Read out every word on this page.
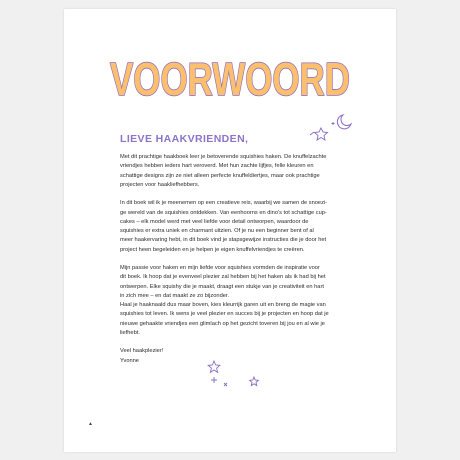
VOORWOORD
LIEVE HAAKVRIENDEN,

Met dit prachtige haakboek leer je betoverende squishies haken. De knuffelzachte
vriendjes hebben ieders hart veroverd. Met hun zachte lijfjes, felle kleuren en
schattige designs zijn ze niet alleen perfecte knuffeldiertjes, maar ook prachtige
projecten voor haakliefhebbers.

In dit boek wil ik je meenemen op een creatieve reis, waarbij we samen de snoezi-
ge wereld van de squishies ontdekken. Van eenhoorns en dino's tot schattige cup-
cakes – elk model werd met veel liefde voor detail ontworpen, waardoor de
squishies er extra uniek en charmant uitzien. Of je nu een beginner bent of al
meer haakervaring hebt, in dit boek vind je stapsgewijze instructies die je door het
project heen begeleiden en je helpen je eigen knuffelvriendjes te creëren.

Mijn passie voor haken en mijn liefde voor squishies vormden de inspiratie voor
dit boek. Ik hoop dat je evenveel plezier zal hebben bij het haken als ik had bij het
ontwerpen. Elke squishy die je maakt, draagt een stukje van je creativiteit en hart
in zich mee – en dat maakt ze zo bijzonder.
Haal je haaknaald dus maar boven, kies kleurrijk garen uit en breng de magie van
squishies tot leven. Ik wens je veel plezier en succes bij je projecten en hoop dat je
nieuwe gehaakte vriendjes een glimlach op het gezicht toveren bij jou en al wie je
liefhebt.

Veel haakplezier!
Yvonne

▲
